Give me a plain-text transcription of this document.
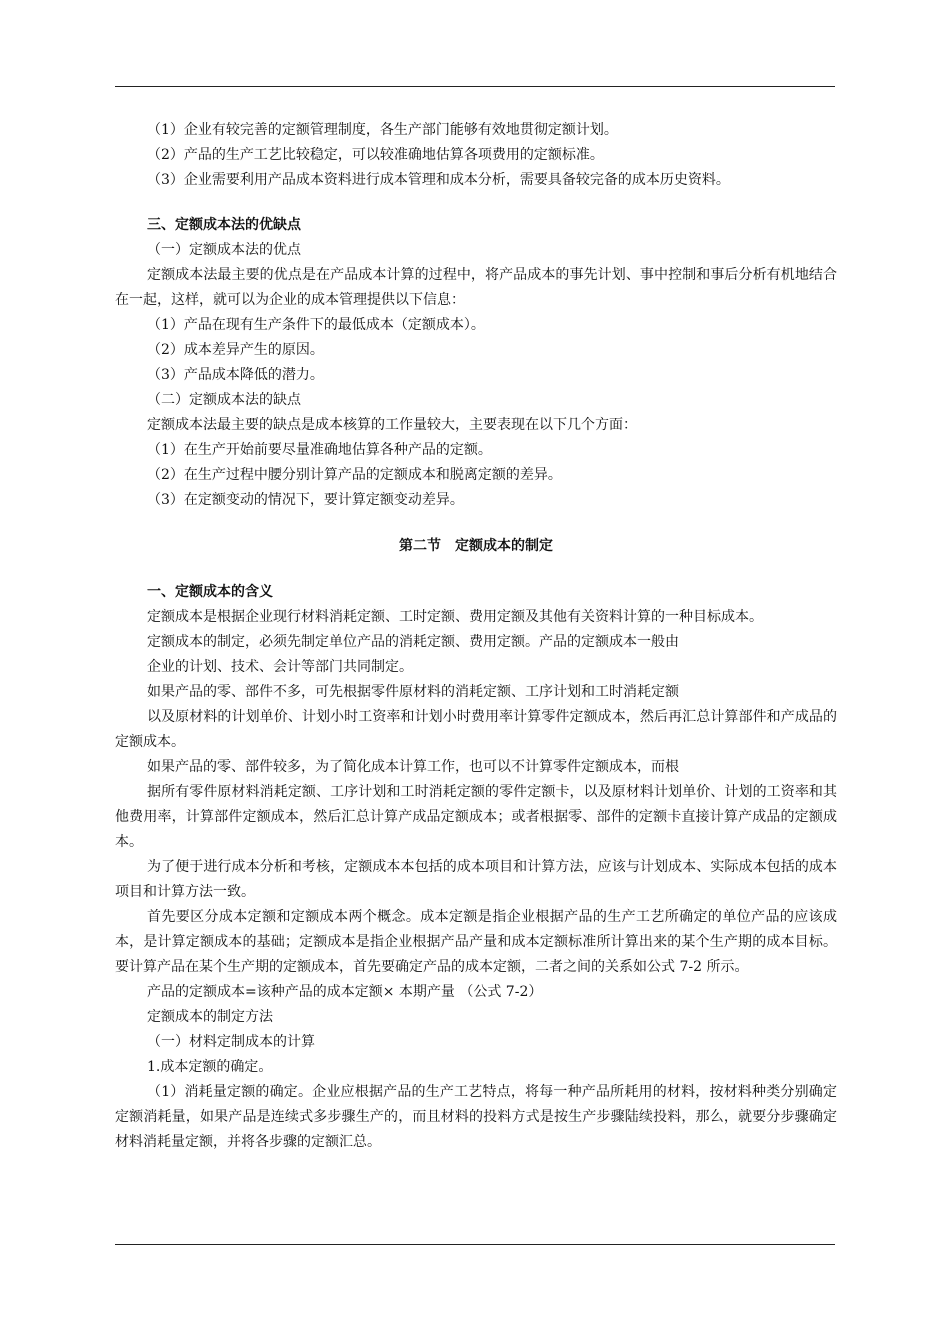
（1）企业有较完善的定额管理制度，各生产部门能够有效地贯彻定额计划。

（2）产品的生产工艺比较稳定，可以较准确地估算各项费用的定额标准。

（3）企业需要利用产品成本资料进行成本管理和成本分析，需要具备较完备的成本历史资料。

三、定额成本法的优缺点

（一）定额成本法的优点

定额成本法最主要的优点是在产品成本计算的过程中，将产品成本的事先计划、事中控制和事后分析有机地结合在一起，这样，就可以为企业的成本管理提供以下信息：

（1）产品在现有生产条件下的最低成本（定额成本）。

（2）成本差异产生的原因。

（3）产品成本降低的潜力。

（二）定额成本法的缺点

定额成本法最主要的缺点是成本核算的工作量较大，主要表现在以下几个方面：

（1）在生产开始前要尽量准确地估算各种产品的定额。

（2）在生产过程中腰分别计算产品的定额成本和脱离定额的差异。

（3）在定额变动的情况下，要计算定额变动差异。

第二节　定额成本的制定

一、定额成本的含义

定额成本是根据企业现行材料消耗定额、工时定额、费用定额及其他有关资料计算的一种目标成本。

定额成本的制定，必须先制定单位产品的消耗定额、费用定额。产品的定额成本一般由

企业的计划、技术、会计等部门共同制定。

如果产品的零、部件不多，可先根据零件原材料的消耗定额、工序计划和工时消耗定额

以及原材料的计划单价、计划小时工资率和计划小时费用率计算零件定额成本，然后再汇总计算部件和产成品的定额成本。

如果产品的零、部件较多，为了简化成本计算工作，也可以不计算零件定额成本，而根

据所有零件原材料消耗定额、工序计划和工时消耗定额的零件定额卡，以及原材料计划单价、计划的工资率和其他费用率，计算部件定额成本，然后汇总计算产成品定额成本；或者根据零、部件的定额卡直接计算产成品的定额成本。

为了便于进行成本分析和考核，定额成本本包括的成本项目和计算方法，应该与计划成本、实际成本包括的成本项目和计算方法一致。

首先要区分成本定额和定额成本两个概念。成本定额是指企业根据产品的生产工艺所确定的单位产品的应该成本，是计算定额成本的基础；定额成本是指企业根据产品产量和成本定额标准所计算出来的某个生产期的成本目标。要计算产品在某个生产期的定额成本，首先要确定产品的成本定额，二者之间的关系如公式 7-2 所示。

产品的定额成本=该种产品的成本定额× 本期产量 （公式 7-2）

定额成本的制定方法

（一）材料定制成本的计算

1.成本定额的确定。

（1）消耗量定额的确定。企业应根据产品的生产工艺特点，将每一种产品所耗用的材料，按材料种类分别确定定额消耗量，如果产品是连续式多步骤生产的，而且材料的投料方式是按生产步骤陆续投料，那么，就要分步骤确定材料消耗量定额，并将各步骤的定额汇总。
